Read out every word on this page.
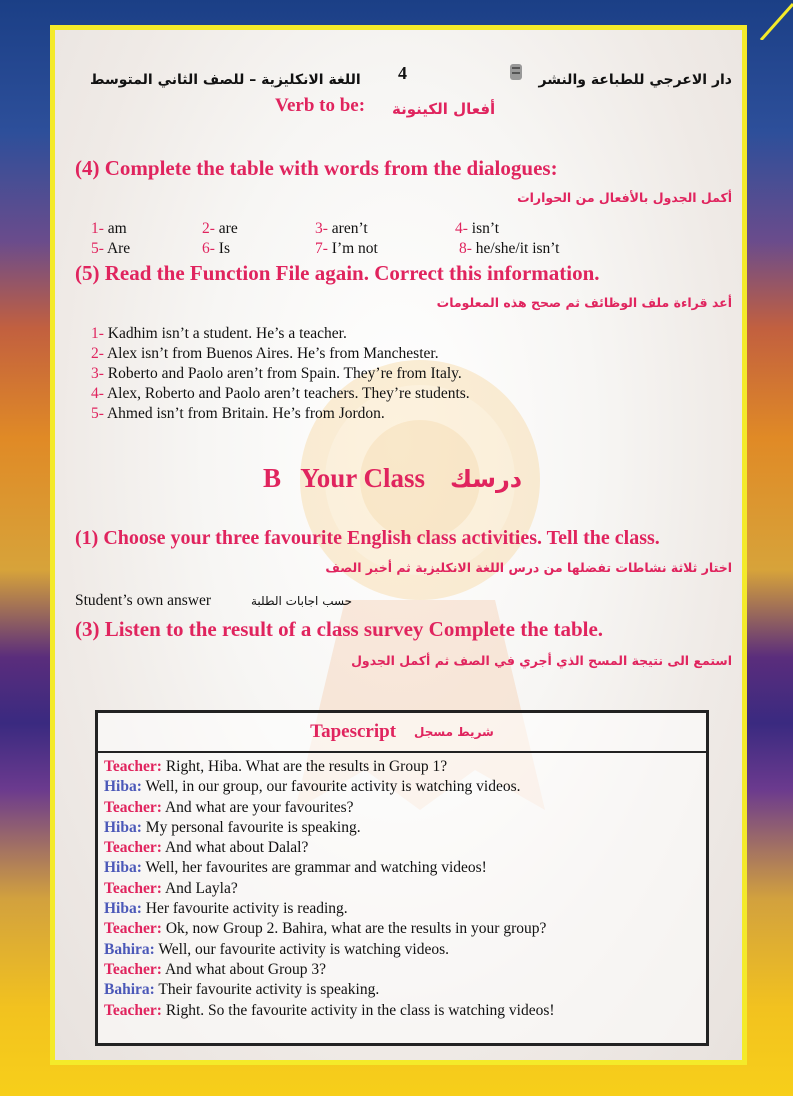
دار الاعرجي للطباعة والنشر
4
اللغة الانكليزية – للصف الثاني المتوسط
Verb to be: أفعال الكينونة
(4) Complete the table with words from the dialogues:
أكمل الجدول بالأفعال من الحوارات
1- am	2- are	3- aren’t	4- isn’t
5- Are	6- Is	7- I’m not	8- he/she/it isn’t
(5) Read the Function File again. Correct this information.
أعد قراءة ملف الوظائف ثم صحح هذه المعلومات
1- Kadhim isn’t a student. He’s a teacher.
2- Alex isn’t from Buenos Aires. He’s from Manchester.
3- Roberto and Paolo aren’t from Spain. They’re from Italy.
4- Alex, Roberto and Paolo aren’t teachers. They’re students.
5- Ahmed isn’t from Britain. He’s from Jordon.
B   Your Class درسك
(1) Choose your three favourite English class activities. Tell the class.
اختار ثلاثة نشاطات تفضلها من درس اللغة الانكليزية ثم أخبر الصف
Student’s own answer	حسب اجابات الطلبة
(3) Listen to the result of a class survey Complete the table.
استمع الى نتيجة المسح الذي أجري في الصف ثم أكمل الجدول
Tapescript شريط مسجل
Teacher: Right, Hiba. What are the results in Group 1?
Hiba: Well, in our group, our favourite activity is watching videos.
Teacher: And what are your favourites?
Hiba: My personal favourite is speaking.
Teacher: And what about Dalal?
Hiba: Well, her favourites are grammar and watching videos!
Teacher: And Layla?
Hiba: Her favourite activity is reading.
Teacher: Ok, now Group 2. Bahira, what are the results in your group?
Bahira: Well, our favourite activity is watching videos.
Teacher: And what about Group 3?
Bahira: Their favourite activity is speaking.
Teacher: Right. So the favourite activity in the class is watching videos!
